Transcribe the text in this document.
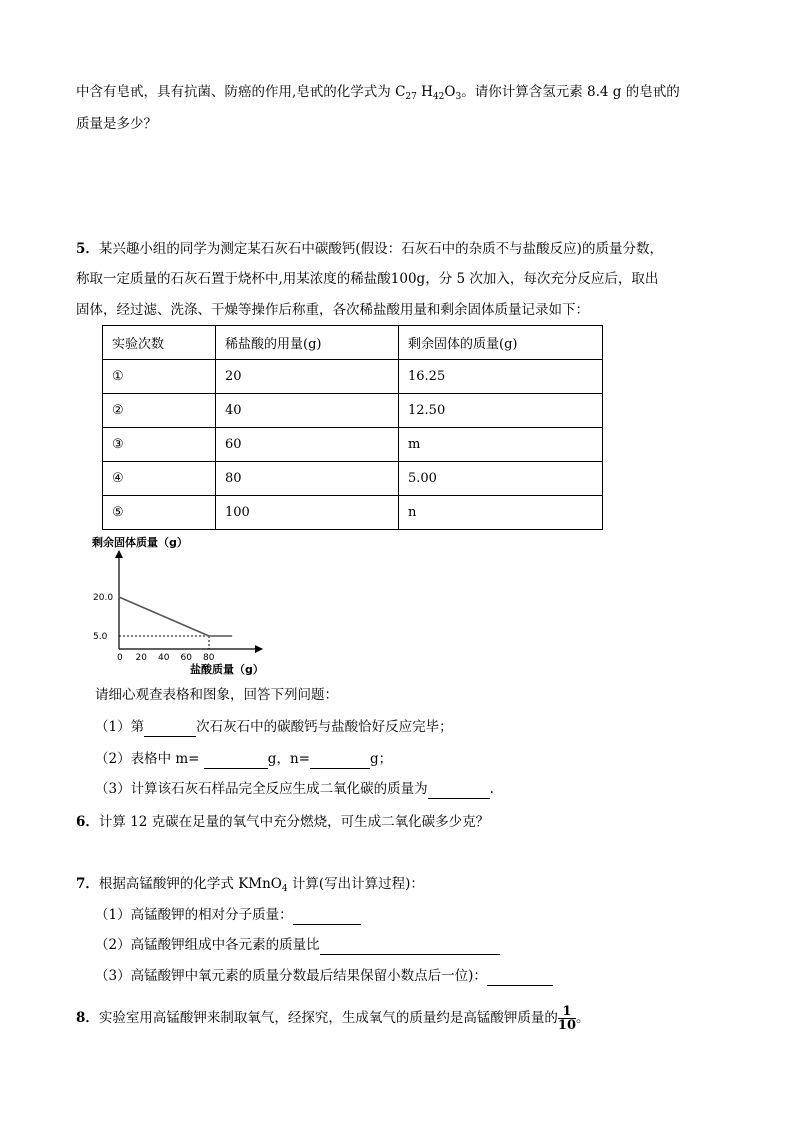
中含有皂甙，具有抗菌、防癌的作用,皂甙的化学式为 $C_{27}$ $H_{42}O_3$。请你计算含氢元素 8.4 g 的皂甙的
质量是多少？
5．某兴趣小组的同学为测定某石灰石中碳酸钙(假设：石灰石中的杂质不与盐酸反应)的质量分数，
称取一定质量的石灰石置于烧杯中,用某浓度的稀盐酸100g，分 5 次加入，每次充分反应后，取出
固体，经过滤、洗涤、干燥等操作后称重，各次稀盐酸用量和剩余固体质量记录如下：
实验次数	稀盐酸的用量(g)	剩余固体的质量(g)
①	20	16.25
②	40	12.50
③	60	m
④	80	5.00
⑤	100	n
剩余固体质量（g）
盐酸质量（g）
0 20 40 60 80
5.0
20.0
请细心观查表格和图象，回答下列问题：
（1）第	次石灰石中的碳酸钙与盐酸恰好反应完毕；
（2）表格中 m=	g，n=	g；
（3）计算该石灰石样品完全反应生成二氧化碳的质量为	.
6．计算 12 克碳在足量的氧气中充分燃烧，可生成二氧化碳多少克？
7．根据高锰酸钾的化学式 KMnO$_4$ 计算(写出计算过程)：
（1）高锰酸钾的相对分子质量：
（2）高锰酸钾组成中各元素的质量比
（3）高锰酸钾中氧元素的质量分数最后结果保留小数点后一位)：
8．实验室用高锰酸钾来制取氧气，经探究，生成氧气的质量约是高锰酸钾质量的 $\frac{1}{10}$ 。
